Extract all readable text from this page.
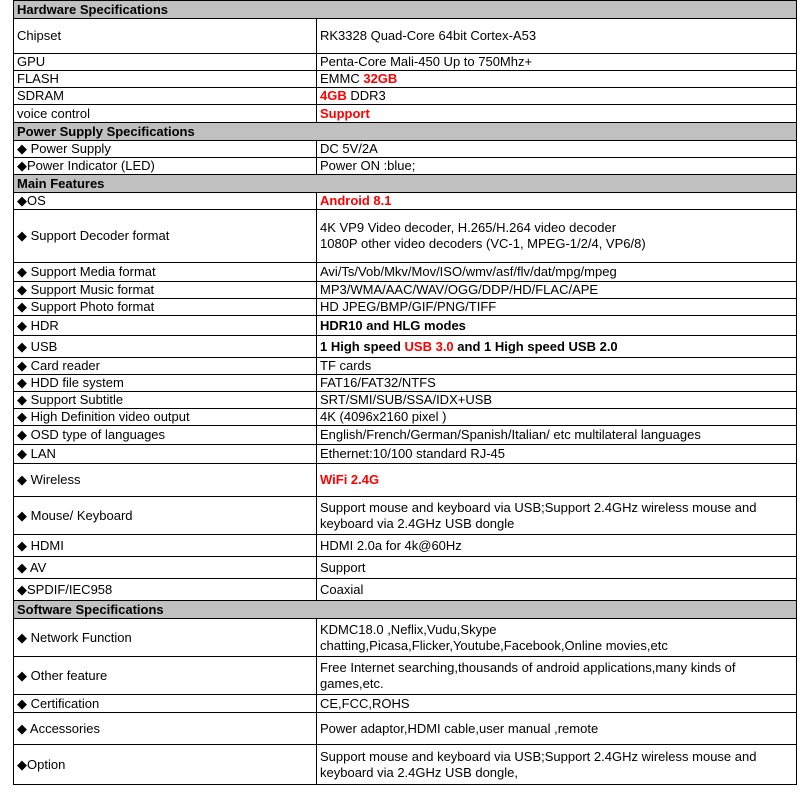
Hardware Specifications	
Chipset	RK3328 Quad-Core 64bit Cortex-A53
GPU	Penta-Core Mali-450 Up to 750Mhz+
FLASH	EMMC 32GB
SDRAM	4GB DDR3
voice control	Support
Power Supply Specifications	
◆ Power Supply	DC 5V/2A
◆Power Indicator (LED)	Power ON :blue;
Main Features	
◆OS	Android 8.1
◆ Support Decoder format	4K VP9 Video decoder, H.265/H.264 video decoder
1080P other video decoders (VC-1, MPEG-1/2/4, VP6/8)

◆ Support Media format	Avi/Ts/Vob/Mkv/Mov/ISO/wmv/asf/flv/dat/mpg/mpeg
◆ Support Music format	MP3/WMA/AAC/WAV/OGG/DDP/HD/FLAC/APE
◆ Support Photo format	HD JPEG/BMP/GIF/PNG/TIFF
◆ HDR	HDR10 and HLG modes
◆ USB	1 High speed USB 3.0 and 1 High speed USB 2.0
◆ Card reader	TF cards
◆ HDD file system	FAT16/FAT32/NTFS
◆ Support Subtitle	SRT/SMI/SUB/SSA/IDX+USB
◆ High Definition video output	4K (4096x2160 pixel )
◆ OSD type of languages	English/French/German/Spanish/Italian/ etc multilateral languages
◆ LAN	Ethernet:10/100 standard RJ-45
◆ Wireless	WiFi 2.4G
◆ Mouse/ Keyboard	Support mouse and keyboard via USB;Support 2.4GHz wireless mouse and
keyboard via 2.4GHz USB dongle

◆ HDMI	HDMI 2.0a for 4k@60Hz
◆ AV	Support
◆SPDIF/IEC958	Coaxial
Software Specifications	
◆ Network Function	KDMC18.0 ,Neflix,Vudu,Skype
chatting,Picasa,Flicker,Youtube,Facebook,Online movies,etc

◆ Other feature	Free Internet searching,thousands of android applications,many kinds of
games,etc.

◆ Certification	CE,FCC,ROHS
◆ Accessories	Power adaptor,HDMI cable,user manual ,remote
◆Option	Support mouse and keyboard via USB;Support 2.4GHz wireless mouse and
keyboard via 2.4GHz USB dongle,
